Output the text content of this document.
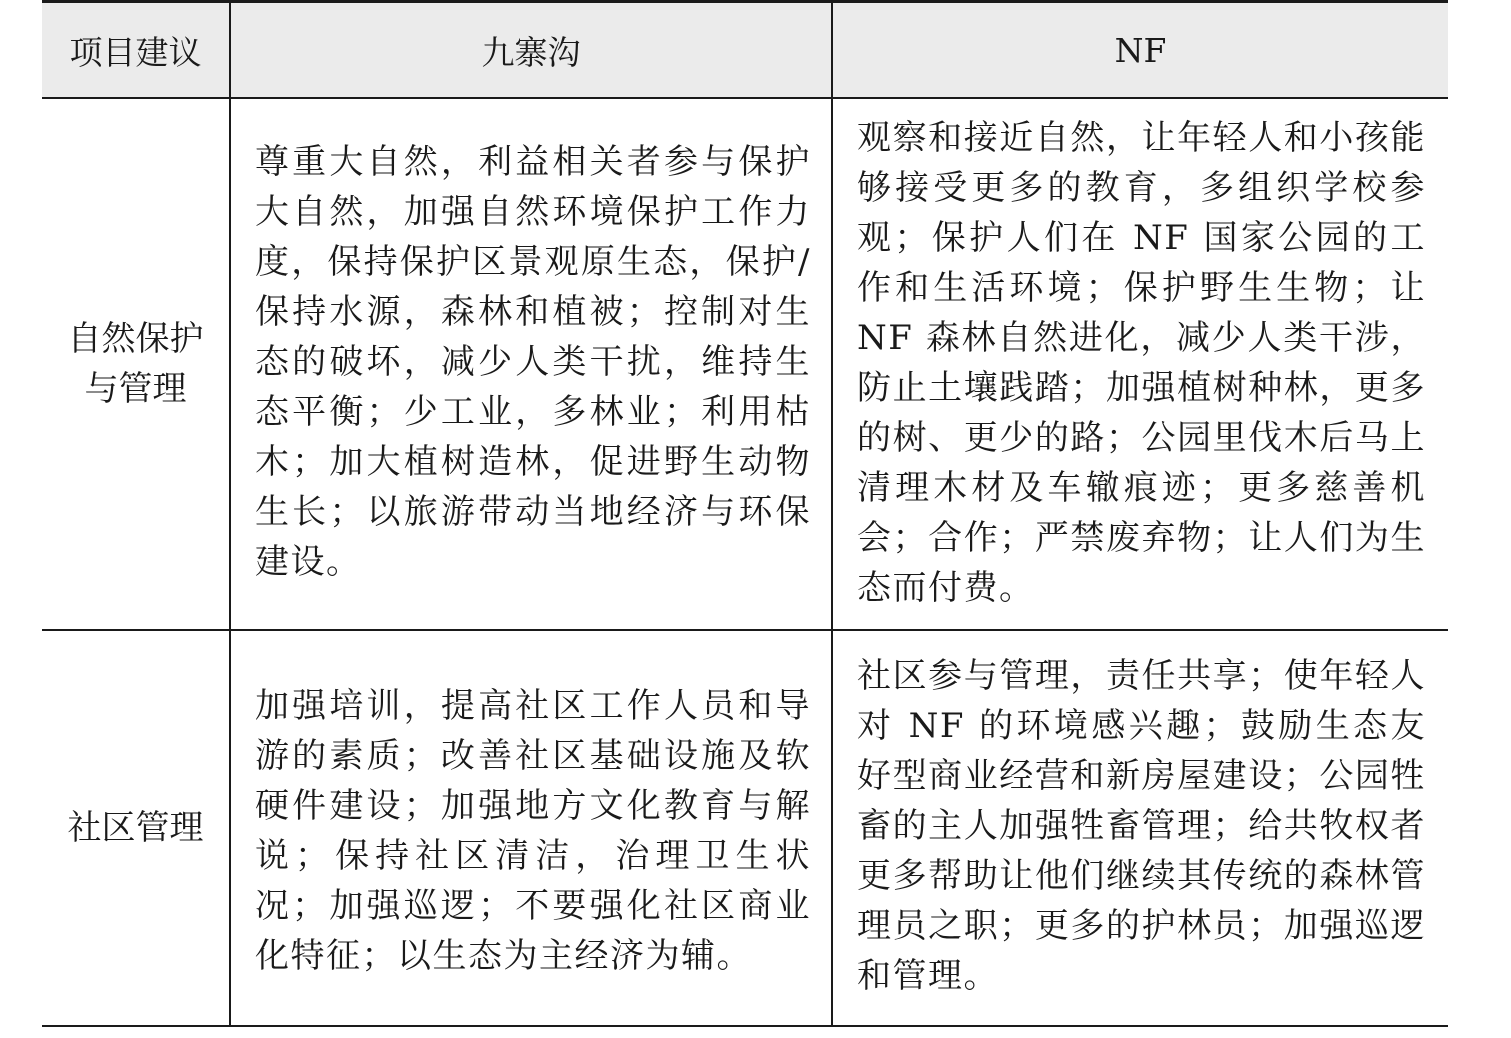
项目建议	九寨沟	NF

自然保护
与管理	尊重大自然，利益相关者参与保护大自然，加强自然环境保护工作力度，保持保护区景观原生态，保护/保持水源，森林和植被；控制对生态的破坏，减少人类干扰，维持生态平衡；少工业，多林业；利用枯木；加大植树造林，促进野生动物生长；以旅游带动当地经济与环保建设。	观察和接近自然，让年轻人和小孩能够接受更多的教育，多组织学校参观；保护人们在 NF 国家公园的工作和生活环境；保护野生生物；让 NF 森林自然进化，减少人类干涉，防止土壤践踏；加强植树种林，更多的树、更少的路；公园里伐木后马上清理木材及车辙痕迹；更多慈善机会；合作；严禁废弃物；让人们为生态而付费。

社区管理	加强培训，提高社区工作人员和导游的素质；改善社区基础设施及软硬件建设；加强地方文化教育与解说；保持社区清洁，治理卫生状况；加强巡逻；不要强化社区商业化特征；以生态为主经济为辅。	社区参与管理，责任共享；使年轻人对 NF 的环境感兴趣；鼓励生态友好型商业经营和新房屋建设；公园牲畜的主人加强牲畜管理；给共牧权者更多帮助让他们继续其传统的森林管理员之职；更多的护林员；加强巡逻和管理。
